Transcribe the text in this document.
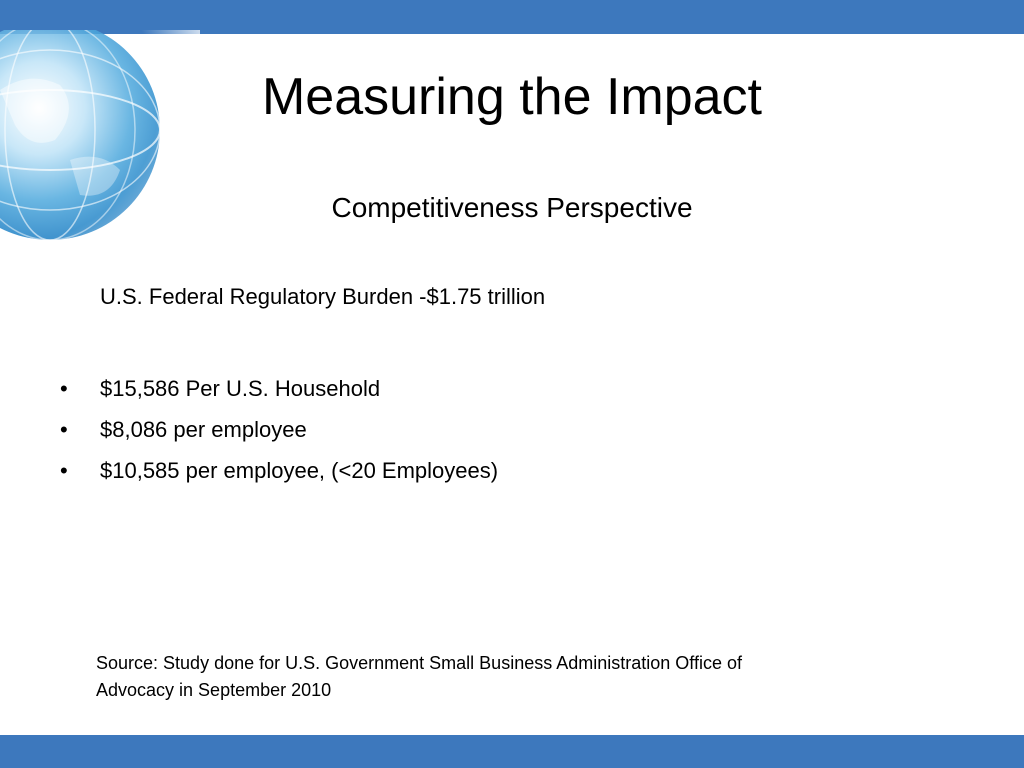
Measuring the Impact
Competitiveness Perspective
U.S. Federal Regulatory Burden -$1.75 trillion
• $15,586 Per U.S. Household
• $8,086 per employee
• $10,585 per employee, (<20 Employees)
Source: Study done for U.S. Government Small Business Administration Office of
Advocacy in September 2010
